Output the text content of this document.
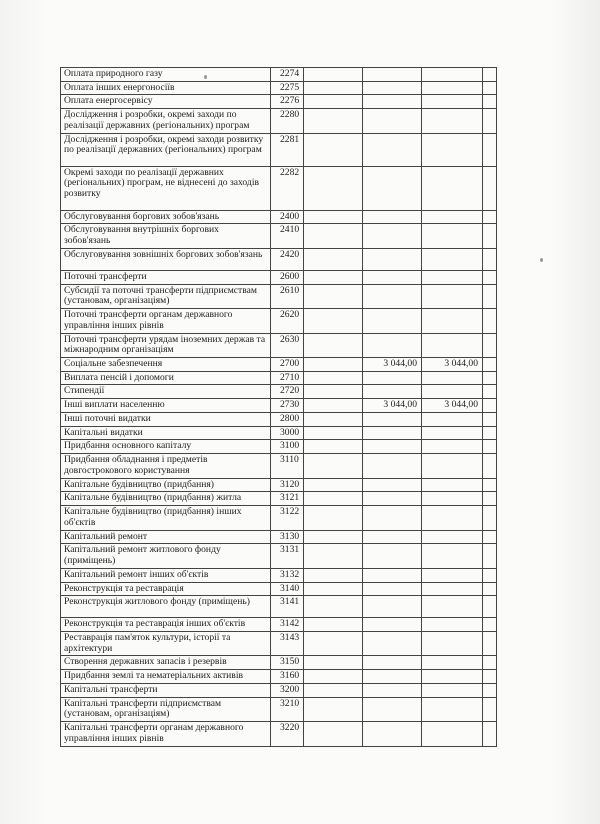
Оплата природного газу	2274				
Оплата інших енергоносіїв	2275				
Оплата енергосервісу	2276				
Дослідження і розробки, окремі заходи по реалізації державних (регіональних) програм	2280				
Дослідження і розробки, окремі заходи розвитку по реалізації державних (регіональних) програм	2281				
Окремі заходи по реалізації державних (регіональних) програм, не віднесені до заходів розвитку	2282				
Обслуговування боргових зобов'язань	2400				
Обслуговування внутрішніх боргових зобов'язань	2410				
Обслуговування зовнішніх боргових зобов'язань	2420				
Поточні трансферти	2600				
Субсидії та поточні трансферти підприємствам (установам, організаціям)	2610				
Поточні трансферти органам державного управління інших рівнів	2620				
Поточні трансферти урядам іноземних держав та міжнародним організаціям	2630				
Соціальне забезпечення	2700		3 044,00	3 044,00	
Виплата пенсій і допомоги	2710				
Стипендії	2720				
Інші виплати населенню	2730		3 044,00	3 044,00	
Інші поточні видатки	2800				
Капітальні видатки	3000				
Придбання основного капіталу	3100				
Придбання обладнання і предметів довгострокового користування	3110				
Капітальне будівництво (придбання)	3120				
Капітальне будівництво (придбання) житла	3121				
Капітальне будівництво (придбання) інших об'єктів	3122				
Капітальний ремонт	3130				
Капітальний ремонт житлового фонду (приміщень)	3131				
Капітальний ремонт інших об'єктів	3132				
Реконструкція та реставрація	3140				
Реконструкція житлового фонду (приміщень)	3141				
Реконструкція та реставрація інших об'єктів	3142				
Реставрація пам'яток культури, історії та архітектури	3143				
Створення державних запасів і резервів	3150				
Придбання землі та нематеріальних активів	3160				
Капітальні трансферти	3200				
Капітальні трансферти підприємствам (установам, організаціям)	3210				
Капітальні трансферти органам державного управління інших рівнів	3220				
